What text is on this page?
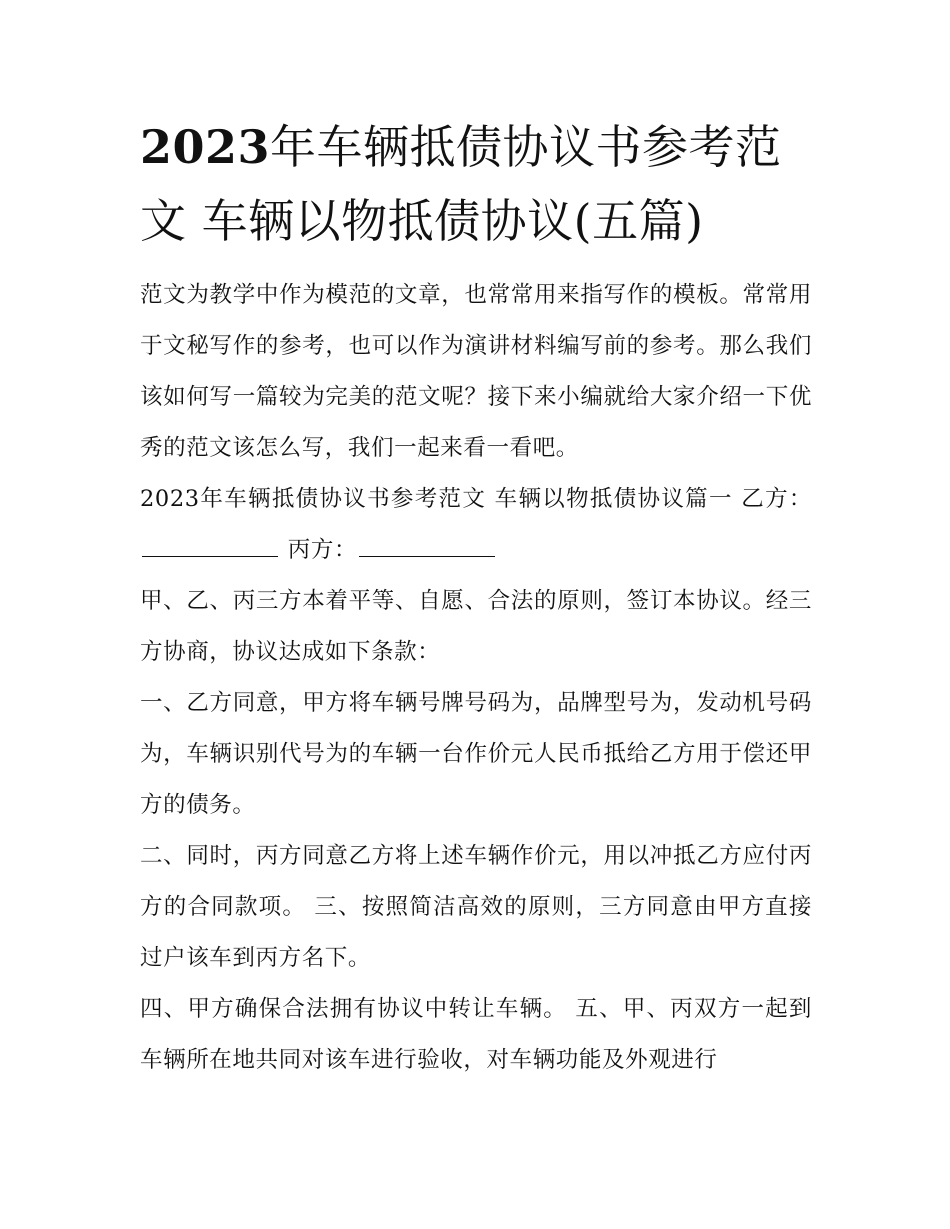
2023年车辆抵债协议书参考范文 车辆以物抵债协议(五篇)

范文为教学中作为模范的文章，也常常用来指写作的模板。常常用于文秘写作的参考，也可以作为演讲材料编写前的参考。那么我们该如何写一篇较为完美的范文呢？接下来小编就给大家介绍一下优秀的范文该怎么写，我们一起来看一看吧。

2023年车辆抵债协议书参考范文 车辆以物抵债协议篇一 乙方： 丙方：

甲、乙、丙三方本着平等、自愿、合法的原则，签订本协议。经三方协商，协议达成如下条款：

一、乙方同意，甲方将车辆号牌号码为，品牌型号为，发动机号码为，车辆识别代号为的车辆一台作价元人民币抵给乙方用于偿还甲方的债务。

二、同时，丙方同意乙方将上述车辆作价元，用以冲抵乙方应付丙方的合同款项。 三、按照简洁高效的原则，三方同意由甲方直接过户该车到丙方名下。

四、甲方确保合法拥有协议中转让车辆。 五、甲、丙双方一起到车辆所在地共同对该车进行验收，对车辆功能及外观进行
